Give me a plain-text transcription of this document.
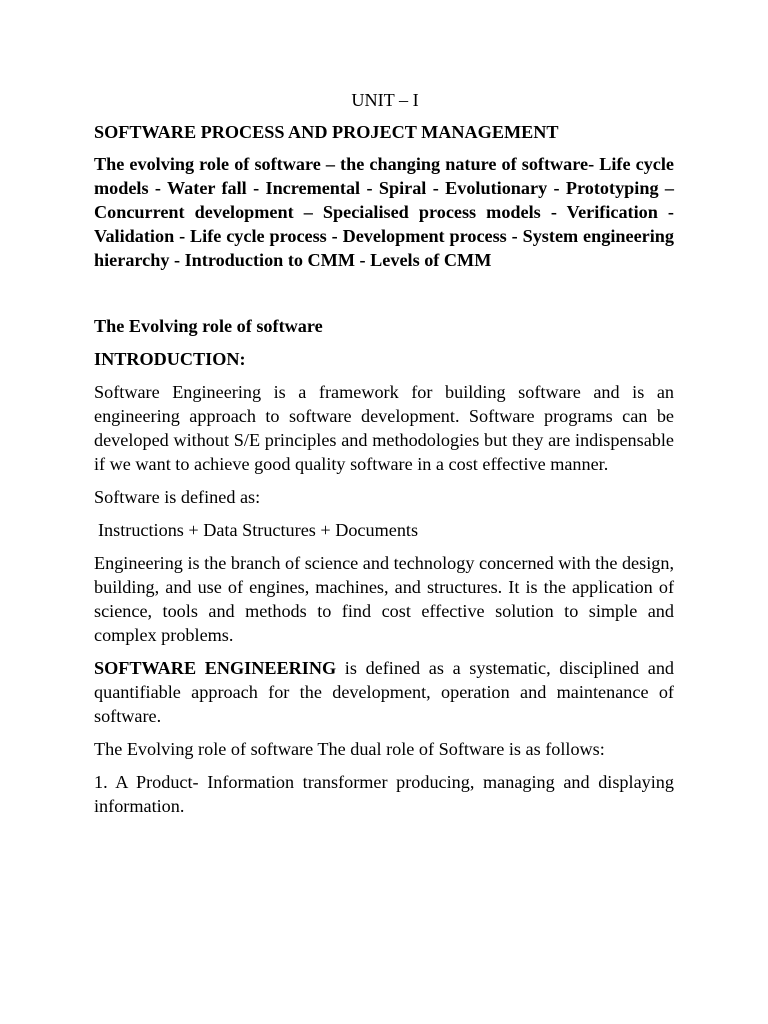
UNIT – I
SOFTWARE PROCESS AND PROJECT MANAGEMENT
The evolving role of software – the changing nature of software- Life cycle models - Water fall - Incremental - Spiral - Evolutionary - Prototyping – Concurrent development – Specialised process models - Verification - Validation - Life cycle process - Development process - System engineering hierarchy - Introduction to CMM - Levels of CMM
The Evolving role of software
INTRODUCTION:
Software Engineering is a framework for building software and is an engineering approach to software development. Software programs can be developed without S/E principles and methodologies but they are indispensable if we want to achieve good quality software in a cost effective manner.
Software is defined as:
Instructions + Data Structures + Documents
Engineering is the branch of science and technology concerned with the design, building, and use of engines, machines, and structures. It is the application of science, tools and methods to find cost effective solution to simple and complex problems.
SOFTWARE ENGINEERING is defined as a systematic, disciplined and quantifiable approach for the development, operation and maintenance of software.
The Evolving role of software The dual role of Software is as follows:
1. A Product- Information transformer producing, managing and displaying information.
